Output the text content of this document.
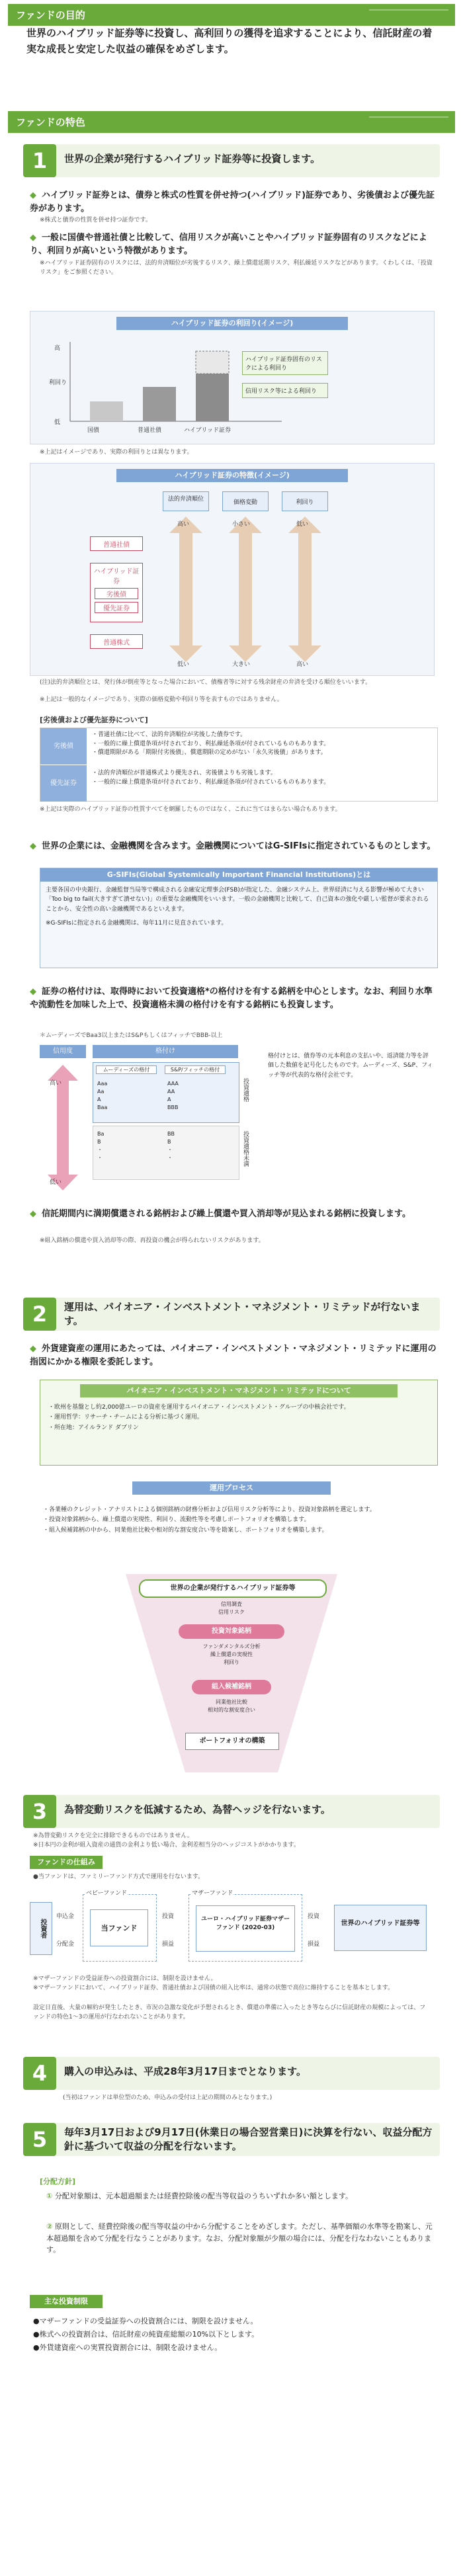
ファンドの目的
世界のハイブリッド証券等に投資し、高利回りの獲得を追求することにより、信託財産の着実な成長と安定した収益の確保をめざします。
ファンドの特色
1	世界の企業が発行するハイブリッド証券等に投資します。
◆ ハイブリッド証券とは、債券と株式の性質を併せ持つ(ハイブリッド)証券であり、劣後債および優先証券があります。
※株式と債券の性質を併せ持つ証券です。
◆ 一般に国債や普通社債と比較して、信用リスクが高いことやハイブリッド証券固有のリスクなどにより、利回りが高いという特徴があります。
※ハイブリッド証券固有のリスクには、法的弁済順位が劣後するリスク、繰上償還延期リスク、利払繰延リスクなどがあります。くわしくは、「投資リスク」をご参照ください。
ハイブリッド証券の利回り(イメージ)
高
利回り
低
国債	普通社債	ハイブリッド証券
ハイブリッド証券固有のリスクによる利回り
信用リスク等による利回り
※上記はイメージであり、実際の利回りとは異なります。
ハイブリッド証券の特徴(イメージ)
法的弁済順位	価格変動	利回り
普通社債
ハイブリッド証券
劣後債
優先証券
普通株式
高い
低い
小さい
大きい
低い
高い
(注)法的弁済順位とは、発行体が倒産等となった場合において、債権者等に対する残余財産の弁済を受ける順位をいいます。
※上記は一般的なイメージであり、実際の価格変動や利回り等を表すものではありません。
[劣後債および優先証券について]
劣後債
・普通社債に比べて、法的弁済順位が劣後した債券です。
・一般的に繰上償還条項が付されており、利払繰延条項が付されているものもあります。
・償還期限がある「期限付劣後債」、償還期限の定めがない「永久劣後債」があります。
優先証券
・法的弁済順位が普通株式より優先され、劣後債よりも劣後します。
・一般的に繰上償還条項が付されており、利払繰延条項が付されているものもあります。
※上記は実際のハイブリッド証券の性質すべてを網羅したものではなく、これに当てはまらない場合もあります。
◆ 世界の企業には、金融機関を含みます。金融機関についてはG-SIFIsに指定されているものとします。
G-SIFIs(Global Systemically Important Financial Institutions)とは
主要各国の中央銀行、金融監督当局等で構成される金融安定理事会(FSB)が指定した、金融システム上、世界経済に与える影響が極めて大きい「Too big to fail(大きすぎて潰せない)」の重要な金融機関をいいます。一般の金融機関と比較して、自己資本の強化や厳しい監督が要求されることから、安全性の高い金融機関であるといえます。
※G-SIFIsに指定される金融機関は、毎年11月に見直されています。
◆ 証券の格付けは、取得時において投資適格*の格付けを有する銘柄を中心とします。なお、利回り水準や流動性を加味した上で、投資適格未満の格付けを有する銘柄にも投資します。
＊ムーディーズでBaa3以上またはS&PもしくはフィッチでBBB-以上
信用度	格付け
高い
低い
ムーディーズの格付	S&P/フィッチの格付
Aaa
Aa
A
Baa
AAA
AA
A
BBB
投資適格
Ba
B
・
・
BB
B
・
・	投資適格未満
格付けとは、債券等の元本利息の支払いや、返済能力等を評価した数値を記号化したものです。ムーディーズ、S&P、フィッチ等が代表的な格付会社です。
◆ 信託期間内に満期償還される銘柄および繰上償還や買入消却等が見込まれる銘柄に投資します。
※組入銘柄の償還や買入消却等の際、再投資の機会が得られないリスクがあります。
2	運用は、パイオニア・インベストメント・マネジメント・リミテッドが行ないます。
◆ 外貨建資産の運用にあたっては、パイオニア・インベストメント・マネジメント・リミテッドに運用の指図にかかる権限を委託します。
パイオニア・インベストメント・マネジメント・リミテッドについて
・欧州を基盤とし約2,000億ユーロの資産を運用するパイオニア・インベストメント・グループの中核会社です。
・運用哲学：リサーチ・チームによる分析に基づく運用。
・所在地：アイルランド ダブリン
運用プロセス
・各業種のクレジット・アナリストによる個別銘柄の財務分析および信用リスク分析等により、投資対象銘柄を選定します。
・投資対象銘柄から、繰上償還の実現性、利回り、流動性等を考慮しポートフォリオを構築します。
・組入候補銘柄の中から、同業他社比較や相対的な割安度合い等を勘案し、ポートフォリオを構築します。
世界の企業が発行するハイブリッド証券等
信用調査
信用リスク
投資対象銘柄
ファンダメンタルズ分析
繰上償還の実現性
利回り
組入候補銘柄
同業他社比較
相対的な割安度合い
ポートフォリオの構築
3	為替変動リスクを低減するため、為替ヘッジを行ないます。
※為替変動リスクを完全に排除できるものではありません。
※日本円の金利が組入資産の通貨の金利より低い場合、金利差相当分のヘッジコストがかかります。
ファンドの仕組み
●当ファンドは、ファミリーファンド方式で運用を行ないます。
投資者
申込金
分配金
ベビーファンド
当ファンド
投資
損益
マザーファンド
ユーロ・ハイブリッド証券マザーファンド (2020-03)
投資
損益
世界のハイブリッド証券等
※マザーファンドの受益証券への投資割合には、制限を設けません。
※マザーファンドにおいて、ハイブリッド証券、普通社債および国債の組入比率は、通常の状態で高位に維持することを基本とします。
設定日直後、大量の解約が発生したとき、市況の急激な変化が予想されるとき、償還の準備に入ったとき等ならびに信託財産の規模によっては、ファンドの特色1～3の運用が行なわれないことがあります。
4	購入の申込みは、平成28年3月17日までとなります。
(当初はファンドは単位型のため、申込みの受付は上記の期間のみとなります。)
5	毎年3月17日および9月17日(休業日の場合翌営業日)に決算を行ない、収益分配方針に基づいて収益の分配を行ないます。
[分配方針]
① 分配対象額は、元本超過額または経費控除後の配当等収益のうちいずれか多い額とします。
② 原則として、経費控除後の配当等収益の中から分配することをめざします。ただし、基準価額の水準等を勘案し、元本超過額を含めて分配を行なうことがあります。なお、分配対象額が少額の場合には、分配を行なわないこともあります。
主な投資制限
●マザーファンドの受益証券への投資割合には、制限を設けません。
●株式への投資割合は、信託財産の純資産総額の10%以下とします。
●外貨建資産への実質投資割合には、制限を設けません。
